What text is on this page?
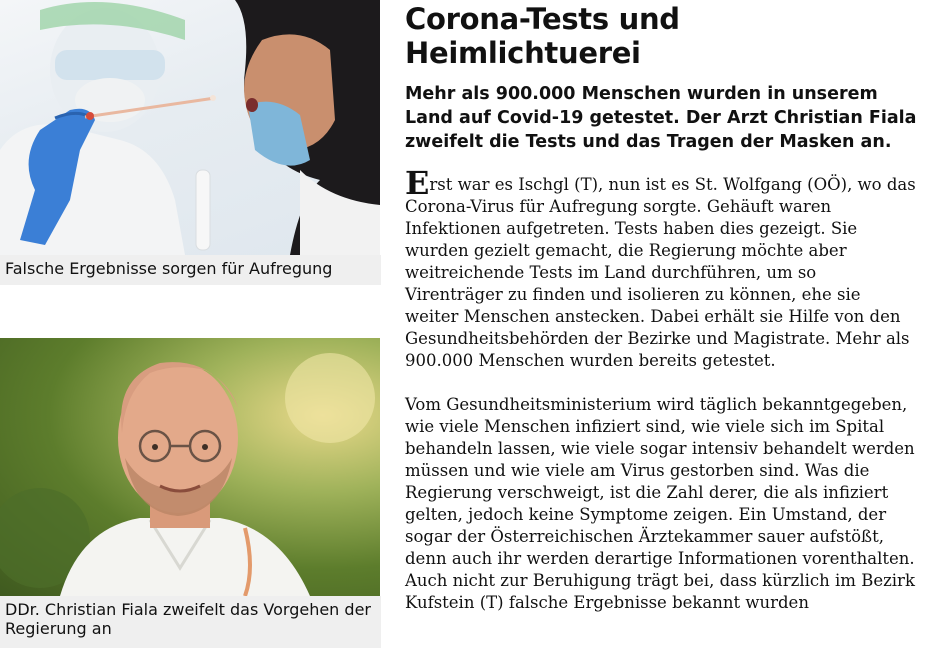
Falsche Ergebnisse sorgen für Aufregung
DDr. Christian Fiala zweifelt das Vorgehen der Regierung an
Corona-Tests und Heimlichtuerei

Mehr als 900.000 Menschen wurden in unserem Land auf Covid-19 getestet. Der Arzt Christian Fiala zweifelt die Tests und das Tragen der Masken an.

Erst war es Ischgl (T), nun ist es St. Wolfgang (OÖ), wo das Corona-Virus für Aufregung sorgte. Gehäuft waren Infektionen aufgetreten. Tests haben dies gezeigt. Sie wurden gezielt gemacht, die Regierung möchte aber weitreichende Tests im Land durchführen, um so Virenträger zu finden und isolieren zu können, ehe sie weiter Menschen anstecken. Dabei erhält sie Hilfe von den Gesundheitsbehörden der Bezirke und Magistrate. Mehr als 900.000 Menschen wurden bereits getestet.

Vom Gesundheitsministerium wird täglich bekanntgegeben, wie viele Menschen infiziert sind, wie viele sich im Spital behandeln lassen, wie viele sogar intensiv behandelt werden müssen und wie viele am Virus gestorben sind. Was die Regierung verschweigt, ist die Zahl derer, die als infiziert gelten, jedoch keine Symptome zeigen. Ein Umstand, der sogar der Österreichischen Ärztekammer sauer aufstößt, denn auch ihr werden derartige Informationen vorenthalten.

Auch nicht zur Beruhigung trägt bei, dass kürzlich im Bezirk Kufstein (T) falsche Ergebnisse bekannt wurden
